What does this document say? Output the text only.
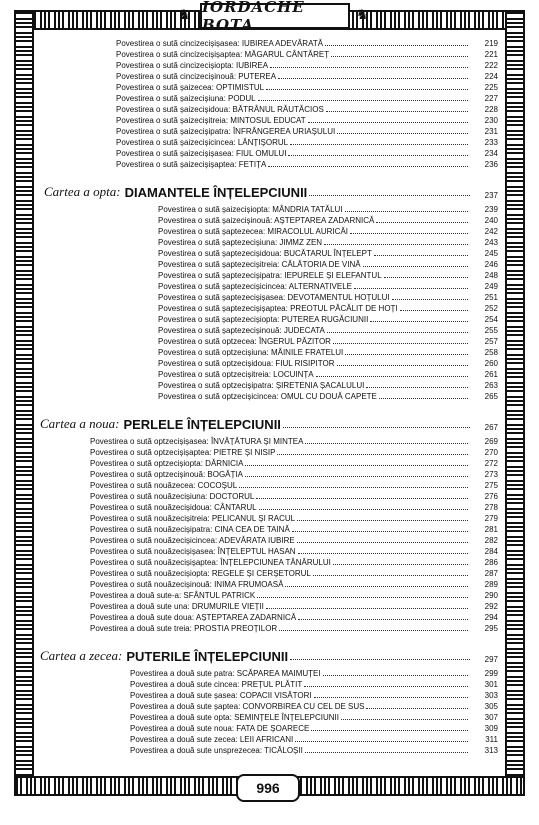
♞	♞
IORDACHE BOTA
996
Povestirea o sută cincizecișișasea: IUBIREA ADEVĂRATĂ	219
Povestirea o sută cincizecișișaptea: MĂGARUL CÂNTĂREȚ	221
Povestirea o sută cincizecișiopta: IUBIREA	222
Povestirea o sută cincizecișinouă: PUTEREA	224
Povestirea o sută șaizecea: OPTIMISTUL	225
Povestirea o sută șaizecișiuna: PODUL	227
Povestirea o sută șaizecișidoua: BĂTRÂNUL RĂUTĂCIOS	228
Povestirea o sută șaizecișitreia: MINTOSUL EDUCAT	230
Povestirea o sută șaizecișipatra: ÎNFRÂNGEREA URIAȘULUI	231
Povestirea o sută șaizecișicincea: LĂNȚIȘORUL	233
Povestirea o sută șaizecișișasea: FIUL OMULUI	234
Povestirea o sută șaizecișișaptea: FETIȚA	236
Cartea a opta: DIAMANTELE ÎNȚELEPCIUNII	237
Povestirea o sută șaizecișiopta: MÂNDRIA TATĂLUI	239
Povestirea o sută șaizecișinouă: AȘTEPTAREA ZADARNICĂ	240
Povestirea o sută șaptezecea: MIRACOLUL AURICĂI	242
Povestirea o sută șaptezecișiuna: JIMMZ ZEN	243
Povestirea o sută șaptezecișidoua: BUCĂTARUL ÎNȚELEPT	245
Povestirea o sută șaptezecișitreia: CĂLĂTORIA DE VINĂ	246
Povestirea o sută șaptezecișipatra: IEPURELE ȘI ELEFANTUL	248
Povestirea o sută șaptezecișicincea: ALTERNATIVELE	249
Povestirea o sută șaptezecișișasea: DEVOTAMENTUL HOȚULUI	251
Povestirea o sută șaptezecișișaptea: PREOTUL PĂCĂLIT DE HOȚI	252
Povestirea o sută șaptezecișiopta: PUTEREA RUGĂCIUNII	254
Povestirea o sută șaptezecișinouă: JUDECATA	255
Povestirea o sută optzecea: ÎNGERUL PĂZITOR	257
Povestirea o sută optzecișiuna: MÂINILE FRATELUI	258
Povestirea o sută optzecișidoua: FIUL RISIPITOR	260
Povestirea o sută optzecișitreia: LOCUINȚA	261
Povestirea o sută optzecișipatra: ȘIRETENIA ȘACALULUI	263
Povestirea o sută optzecișicincea: OMUL CU DOUĂ CAPETE	265
Cartea a noua: PERLELE ÎNȚELEPCIUNII	267
Povestirea o sută optzecișișasea: ÎNVĂȚĂTURA ȘI MINTEA	269
Povestirea o sută optzecișișaptea: PIETRE ȘI NISIP	270
Povestirea o sută optzecișiopta: DĂRNICIA	272
Povestirea o sută optzecișinouă: BOGĂȚIA	273
Povestirea o sută nouăzecea: COCOȘUL	275
Povestirea o sută nouăzecișiuna: DOCTORUL	276
Povestirea o sută nouăzecișidoua: CÂNTARUL	278
Povestirea o sută nouăzecișitreia: PELICANUL ȘI RACUL	279
Povestirea o sută nouăzecișipatra: CINA CEA DE TAINĂ	281
Povestirea o sută nouăzecișicincea: ADEVĂRATA IUBIRE	282
Povestirea o sută nouăzecișișasea: ÎNȚELEPTUL HASAN	284
Povestirea o sută nouăzecișișaptea: ÎNȚELEPCIUNEA TÂNĂRULUI	286
Povestirea o sută nouăzecișiopta: REGELE ȘI CERȘETORUL	287
Povestirea o sută nouăzecișinouă: INIMA FRUMOASĂ	289
Povestirea a două sute-a: SFÂNTUL PATRICK	290
Povestirea a două sute una: DRUMURILE VIEȚII	292
Povestirea a două sute doua: AȘTEPTAREA ZADARNICĂ	294
Povestirea a două sute treia: PROSTIA PREOȚILOR	295
Cartea a zecea: PUTERILE ÎNȚELEPCIUNII	297
Povestirea a două sute patra: SCĂPAREA MAIMUȚEI	299
Povestirea a două sute cincea: PREȚUL PLĂTIT	301
Povestirea a două sute șasea: COPACII VISĂTORI	303
Povestirea a două sute șaptea: CONVORBIREA CU CEL DE SUS	305
Povestirea a două sute opta: SEMINȚELE ÎNȚELEPCIUNII	307
Povestirea a două sute noua: FATA DE ȘOARECE	309
Povestirea a două sute zecea: LEII AFRICANI	311
Povestirea a două sute unsprezecea: TICĂLOȘII	313
